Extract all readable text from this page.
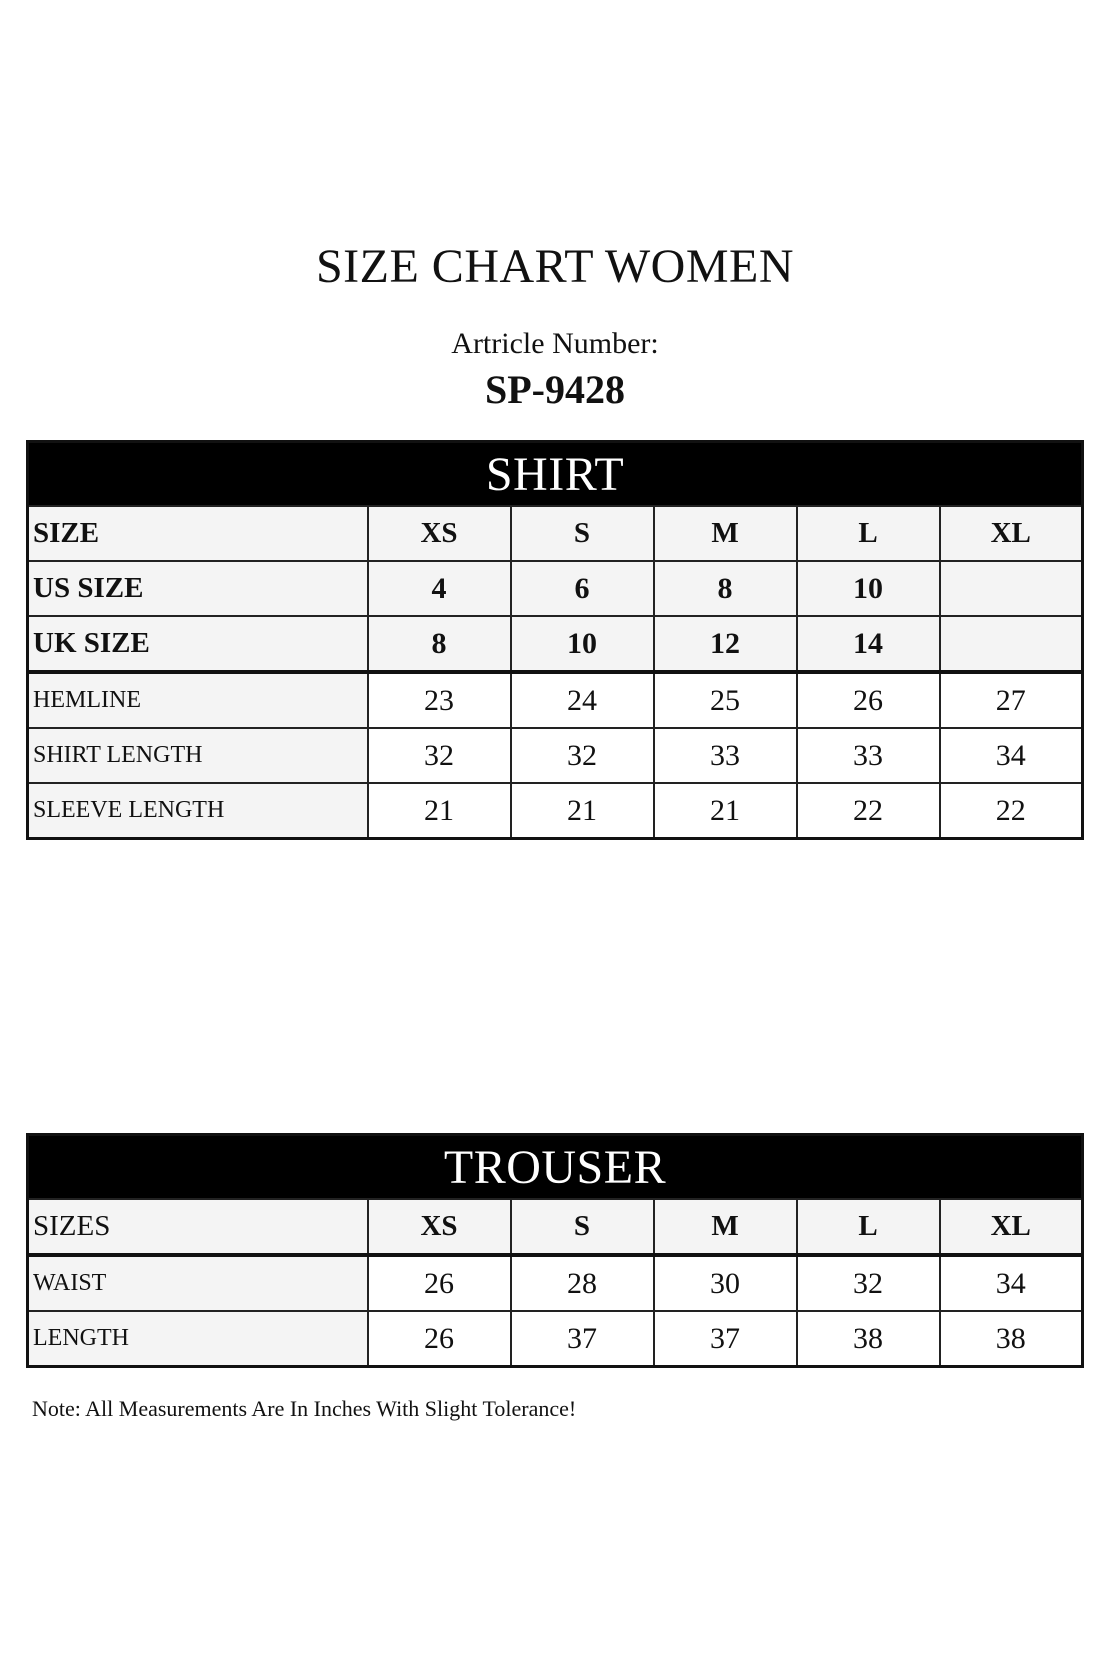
SIZE CHART WOMEN
Artricle Number:
SP-9428
SHIRT					
SIZE	XS	S	M	L	XL
US SIZE	4	6	8	10	
UK SIZE	8	10	12	14	
HEMLINE	23	24	25	26	27
SHIRT LENGTH	32	32	33	33	34
SLEEVE LENGTH	21	21	21	22	22
TROUSER					
SIZES	XS	S	M	L	XL
WAIST	26	28	30	32	34
LENGTH	26	37	37	38	38
Note: All Measurements Are In Inches With Slight Tolerance!
